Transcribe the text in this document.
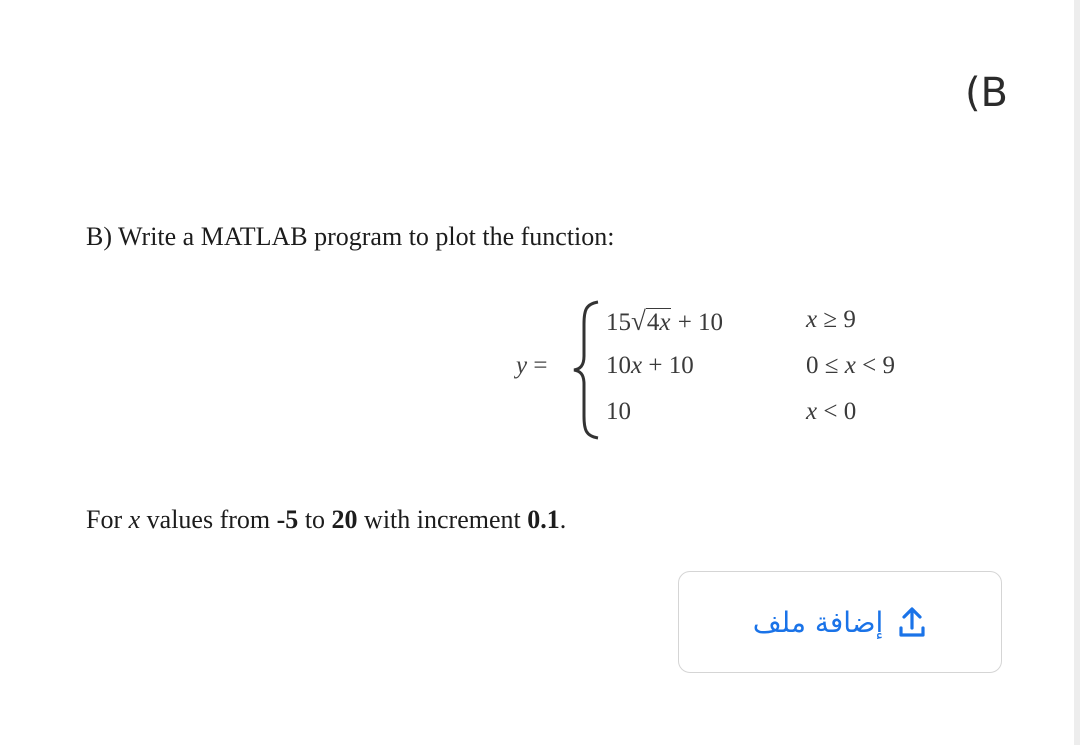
(B
B) Write a MATLAB program to plot the function:
y =
15√4x + 10	x ≥ 9
10x + 10	0 ≤ x < 9
10	x < 0
For x values from -5 to 20 with increment 0.1.
إضافة ملف
